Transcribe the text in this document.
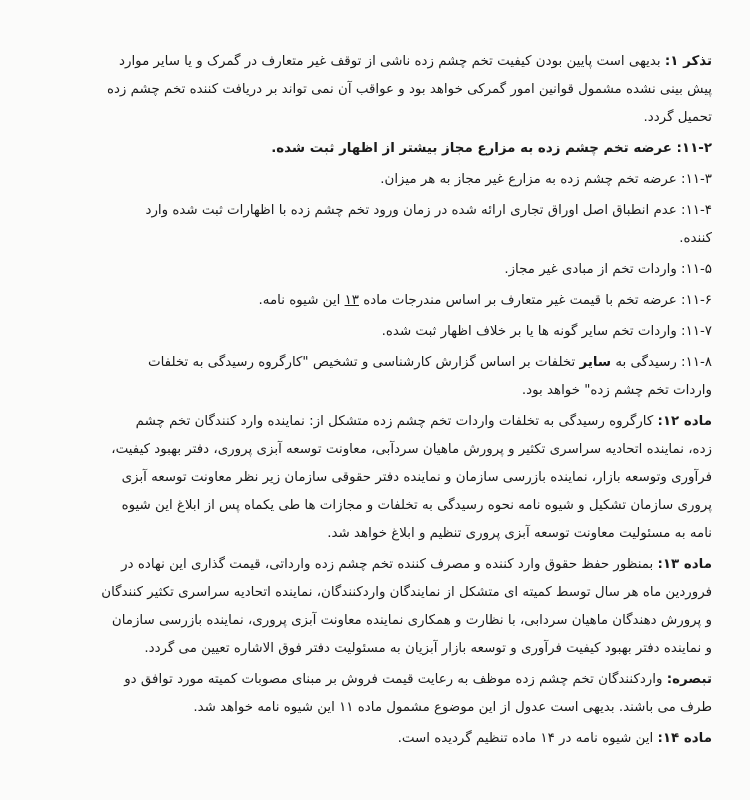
تذکر ۱: بدیهی است پایین بودن کیفیت تخم چشم زده ناشی از توقف غیر متعارف در گمرک و یا سایر موارد
پیش بینی نشده مشمول قوانین امور گمرکی خواهد بود و عواقب آن نمی تواند بر دریافت کننده تخم چشم زده
تحمیل گردد.

۱۱-۲: عرضه تخم چشم زده به مزارع مجاز بیشتر از اظهار ثبت شده.

۱۱-۳: عرضه تخم چشم زده به مزارع غیر مجاز به هر میزان.

۱۱-۴: عدم انطباق اصل اوراق تجاری ارائه شده در زمان ورود تخم چشم زده با اظهارات ثبت شده وارد
کننده.

۱۱-۵: واردات تخم از مبادی غیر مجاز.

۱۱-۶: عرضه تخم با قیمت غیر متعارف بر اساس مندرجات ماده ۱۳ این شیوه نامه.

۱۱-۷: واردات تخم سایر گونه ها یا بر خلاف اظهار ثبت شده.

۱۱-۸: رسیدگی به سایر تخلفات بر اساس گزارش کارشناسی و تشخیص "کارگروه رسیدگی به تخلفات
واردات تخم چشم زده" خواهد بود.

ماده ۱۲: کارگروه رسیدگی به تخلفات واردات تخم چشم زده متشکل از: نماینده وارد کنندگان تخم چشم
زده، نماینده اتحادیه سراسری تکثیر و پرورش ماهیان سردآبی، معاونت توسعه آبزی پروری، دفتر بهبود کیفیت،
فرآوری وتوسعه بازار، نماینده بازرسی سازمان و نماینده دفتر حقوقی سازمان زیر نظر معاونت توسعه آبزی
پروری سازمان تشکیل و شیوه نامه نحوه رسیدگی به تخلفات و مجازات ها طی یکماه پس از ابلاغ این شیوه
نامه به مسئولیت معاونت توسعه آبزی پروری تنظیم و ابلاغ خواهد شد.

ماده ۱۳: بمنظور حفظ حقوق وارد کننده و مصرف کننده تخم چشم زده وارداتی، قیمت گذاری این نهاده در
فروردین ماه هر سال توسط کمیته ای متشکل از نمایندگان واردکنندگان، نماینده اتحادیه سراسری تکثیر کنندگان
و پرورش دهندگان ماهیان سردابی، با نظارت و همکاری نماینده معاونت آبزی پروری، نماینده بازرسی سازمان
و نماینده دفتر بهبود کیفیت فرآوری و توسعه بازار آبزیان به مسئولیت دفتر فوق الاشاره تعیین می گردد.

تبصره: واردکنندگان تخم چشم زده موظف به رعایت قیمت فروش بر مبنای مصوبات کمیته مورد توافق دو
طرف می باشند. بدیهی است عدول از این موضوع مشمول ماده ۱۱ این شیوه نامه خواهد شد.

ماده ۱۴: این شیوه نامه در ۱۴ ماده تنظیم گردیده است.
